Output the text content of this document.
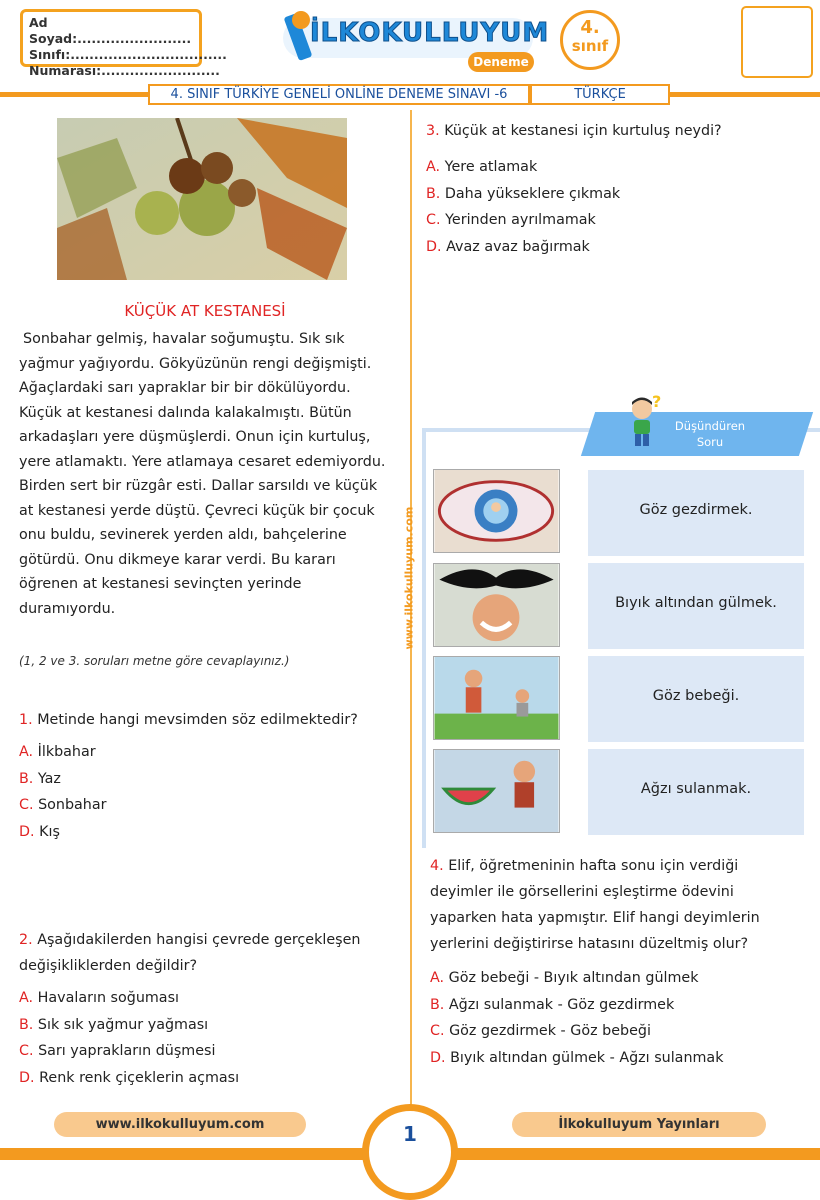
Ad Soyad:........................
Sınıfı:.................................
Numarası:.........................
İLKOKULLUYUM
Deneme
4.
sınıf
4. SINIF TÜRKİYE GENELİ ONLİNE DENEME SINAVI -6	TÜRKÇE
www.ilkokulluyum.com
KÜÇÜK AT KESTANESİ
Sonbahar gelmiş, havalar soğumuştu. Sık sık yağmur yağıyordu. Gökyüzünün rengi değişmişti. Ağaçlardaki sarı yapraklar bir bir dökülüyordu. Küçük at kestanesi dalında kalakalmıştı. Bütün arkadaşları yere düşmüşlerdi. Onun için kurtuluş, yere atlamaktı. Yere atlamaya cesaret edemiyordu. Birden sert bir rüzgâr esti. Dallar sarsıldı ve küçük at kestanesi yerde düştü. Çevreci küçük bir çocuk onu buldu, sevinerek yerden aldı, bahçelerine götürdü. Onu dikmeye karar verdi. Bu kararı öğrenen at kestanesi sevinçten yerinde duramıyordu.
(1, 2 ve 3. soruları metne göre cevaplayınız.)
1. Metinde hangi mevsimden söz edilmektedir?
A. İlkbahar
B. Yaz
C. Sonbahar
D. Kış
2. Aşağıdakilerden hangisi çevrede gerçekleşen değişikliklerden değildir?
A. Havaların soğuması
B. Sık sık yağmur yağması
C. Sarı yaprakların düşmesi
D. Renk renk çiçeklerin açması
3. Küçük at kestanesi için kurtuluş neydi?
A. Yere atlamak
B. Daha yükseklere çıkmak
C. Yerinden ayrılmamak
D. Avaz avaz bağırmak
Düşündüren
Soru
?
Göz gezdirmek.
Bıyık altından gülmek.
Göz bebeği.
Ağzı sulanmak.
4. Elif, öğretmeninin hafta sonu için verdiği deyimler ile görsellerini eşleştirme ödevini yaparken hata yapmıştır. Elif hangi deyimlerin yerlerini değiştirirse hatasını düzeltmiş olur?
A. Göz bebeği - Bıyık altından gülmek
B. Ağzı sulanmak - Göz gezdirmek
C. Göz gezdirmek - Göz bebeği
D. Bıyık altından gülmek - Ağzı sulanmak
www.ilkokulluyum.com	İlkokulluyum Yayınları
1
